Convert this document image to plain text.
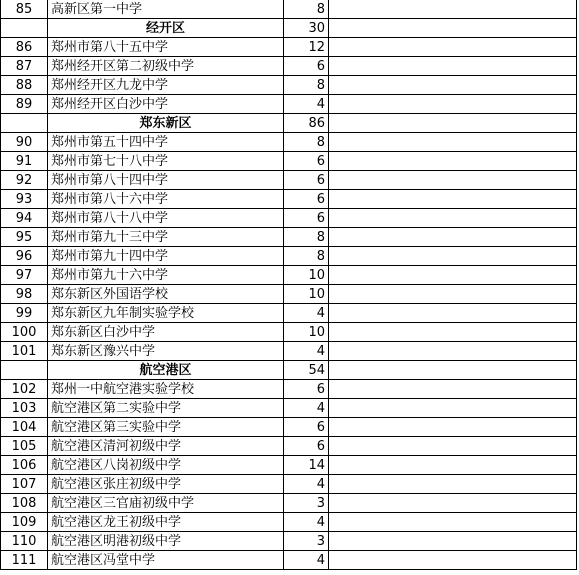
85	高新区第一中学	8	
	经开区	30	
86	郑州市第八十五中学	12	
87	郑州经开区第二初级中学	6	
88	郑州经开区九龙中学	8	
89	郑州经开区白沙中学	4	
	郑东新区	86	
90	郑州市第五十四中学	8	
91	郑州市第七十八中学	6	
92	郑州市第八十四中学	6	
93	郑州市第八十六中学	6	
94	郑州市第八十八中学	6	
95	郑州市第九十三中学	8	
96	郑州市第九十四中学	8	
97	郑州市第九十六中学	10	
98	郑东新区外国语学校	10	
99	郑东新区九年制实验学校	4	
100	郑东新区白沙中学	10	
101	郑东新区豫兴中学	4	
	航空港区	54	
102	郑州一中航空港实验学校	6	
103	航空港区第二实验中学	4	
104	航空港区第三实验中学	6	
105	航空港区清河初级中学	6	
106	航空港区八岗初级中学	14	
107	航空港区张庄初级中学	4	
108	航空港区三官庙初级中学	3	
109	航空港区龙王初级中学	4	
110	航空港区明港初级中学	3	
111	航空港区冯堂中学	4	
